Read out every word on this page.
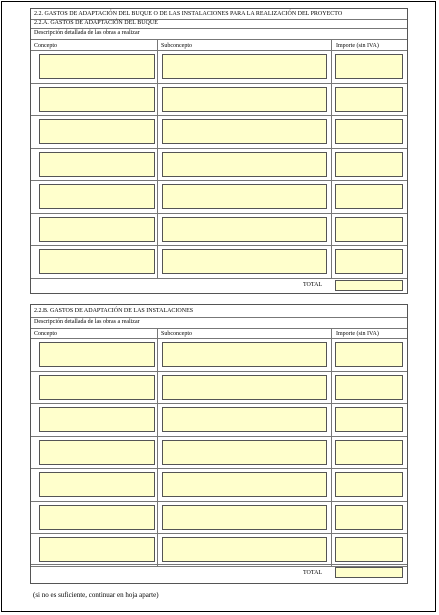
2.2. GASTOS DE ADAPTACIÓN DEL BUQUE O DE LAS INSTALACIONES PARA LA REALIZACIÓN DEL PROYECTO
2.2.A. GASTOS DE ADAPTACIÓN DEL BUQUE
Descripción detallada de las obras a realizar
Concepto	Subconcepto	Importe (sin IVA)
TOTAL
2.2.B. GASTOS DE ADAPTACIÓN DE LAS INSTALACIONES
Descripción detallada de las obras a realizar
Concepto	Subconcepto	Importe (sin IVA)
TOTAL
(si no es suficiente, continuar en hoja aparte)
